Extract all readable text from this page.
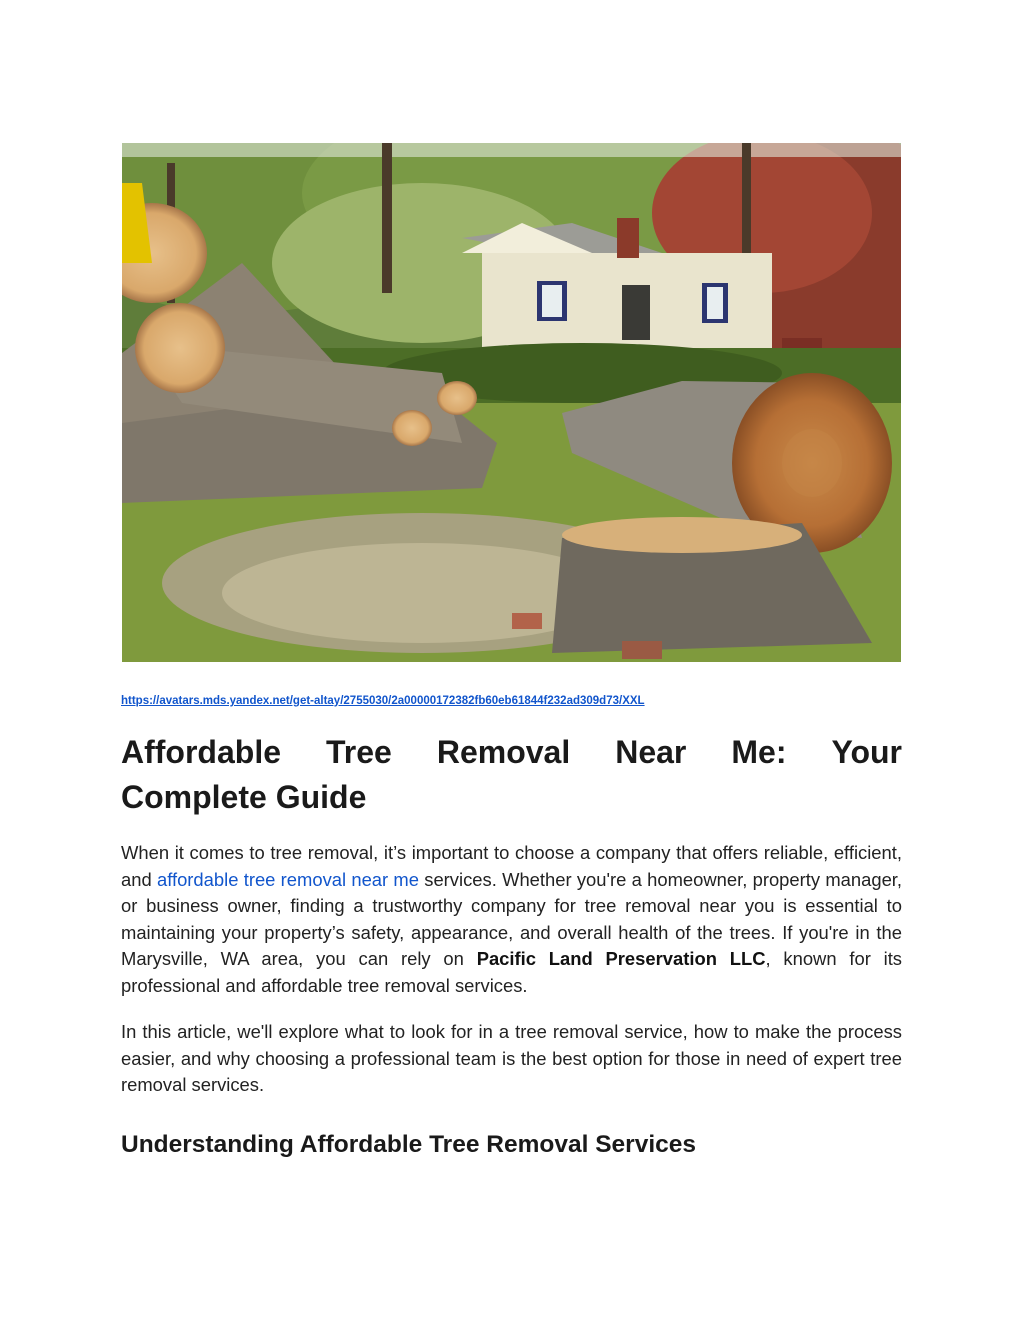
https://avatars.mds.yandex.net/get-altay/2755030/2a00000172382fb60eb61844f232ad309d73/XXL
Affordable Tree Removal Near Me: Your
Complete Guide

When it comes to tree removal, it’s important to choose a company that offers reliable, efficient, and affordable tree removal near me services. Whether you're a homeowner, property manager, or business owner, finding a trustworthy company for tree removal near you is essential to maintaining your property’s safety, appearance, and overall health of the trees. If you're in the Marysville, WA area, you can rely on Pacific Land Preservation LLC, known for its professional and affordable tree removal services.

In this article, we'll explore what to look for in a tree removal service, how to make the process easier, and why choosing a professional team is the best option for those in need of expert tree removal services.

Understanding Affordable Tree Removal Services
